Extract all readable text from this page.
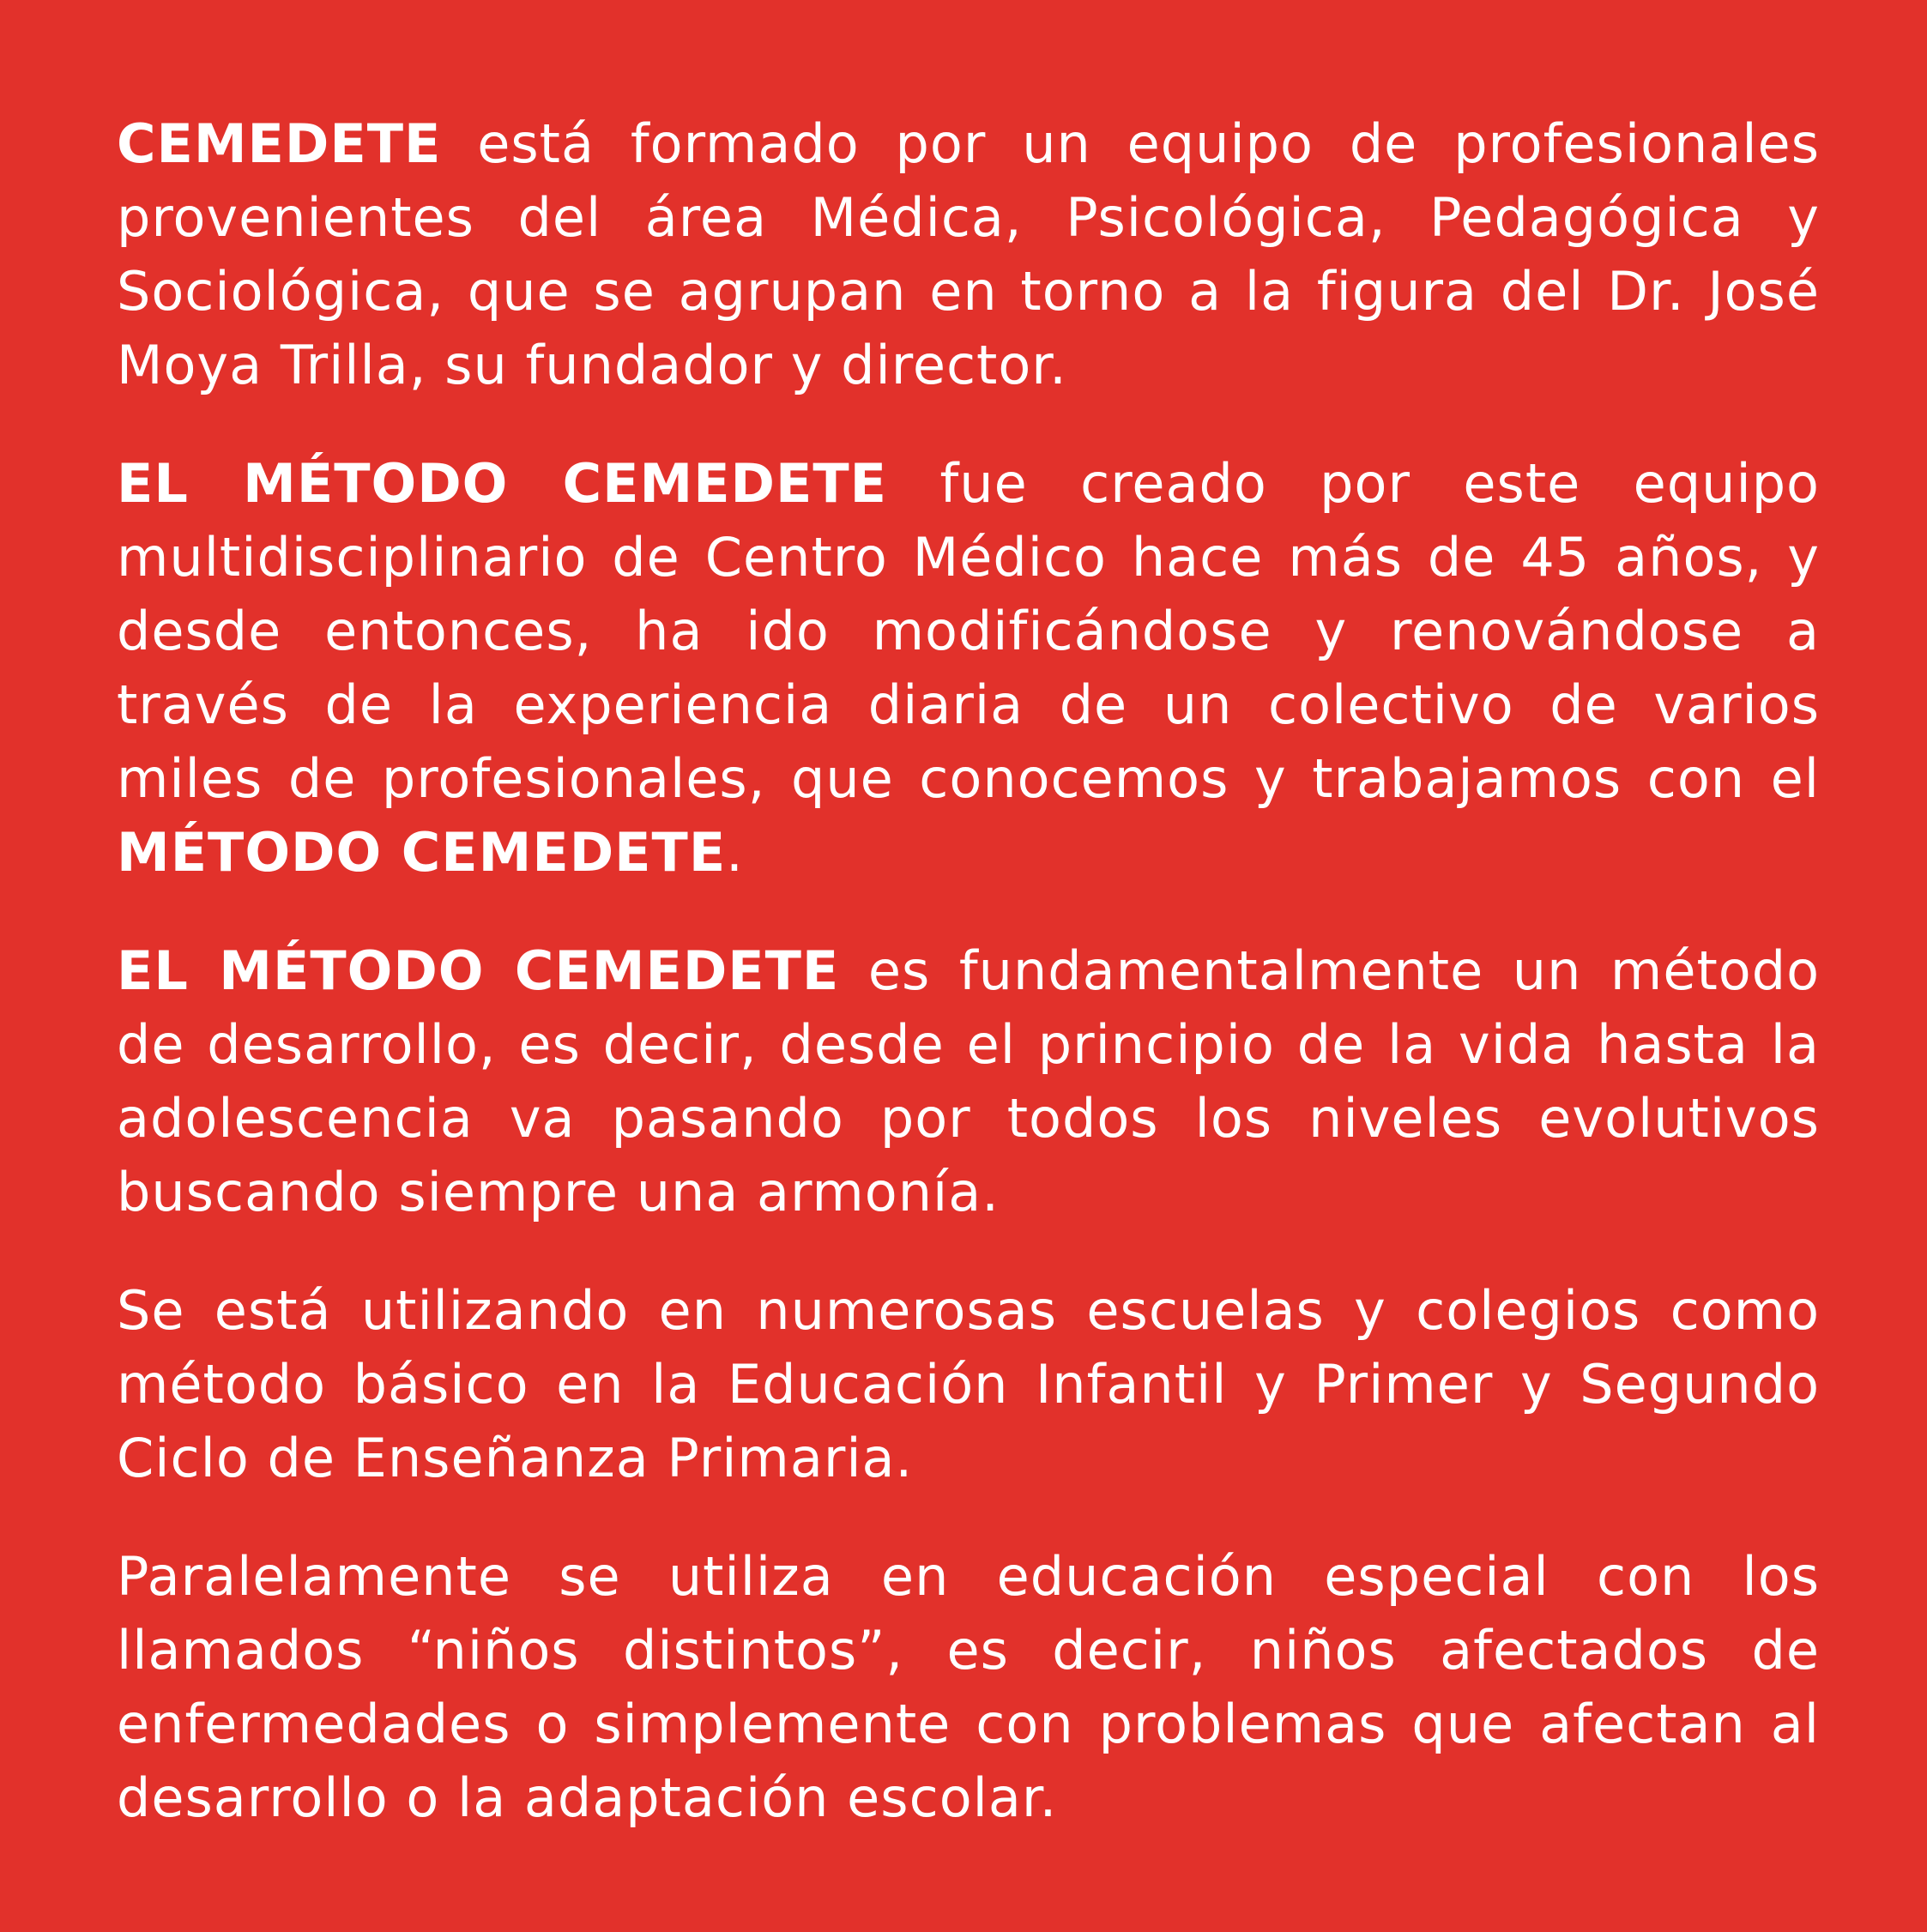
CEMEDETE está formado por un equipo de profesionales provenientes del área Médica, Psicológica, Pedagógica y Sociológica, que se agrupan en torno a la figura del Dr. José Moya Trilla, su fundador y director.

EL MÉTODO CEMEDETE fue creado por este equipo multidisciplinario de Centro Médico hace más de 45 años, y desde entonces, ha ido modificándose y renovándose a través de la experiencia diaria de un colectivo de varios miles de profesionales, que conocemos y trabajamos con el MÉTODO CEMEDETE.

EL MÉTODO CEMEDETE es fundamentalmente un método de desarrollo, es decir, desde el principio de la vida hasta la adolescencia va pasando por todos los niveles evolutivos buscando siempre una armonía.

Se está utilizando en numerosas escuelas y colegios como método básico en la Educación Infantil y Primer y Segundo Ciclo de Enseñanza Primaria.

Paralelamente se utiliza en educación especial con los llamados “niños distintos”, es decir, niños afectados de enfermedades o simplemente con problemas que afectan al desarrollo o la adaptación escolar.
